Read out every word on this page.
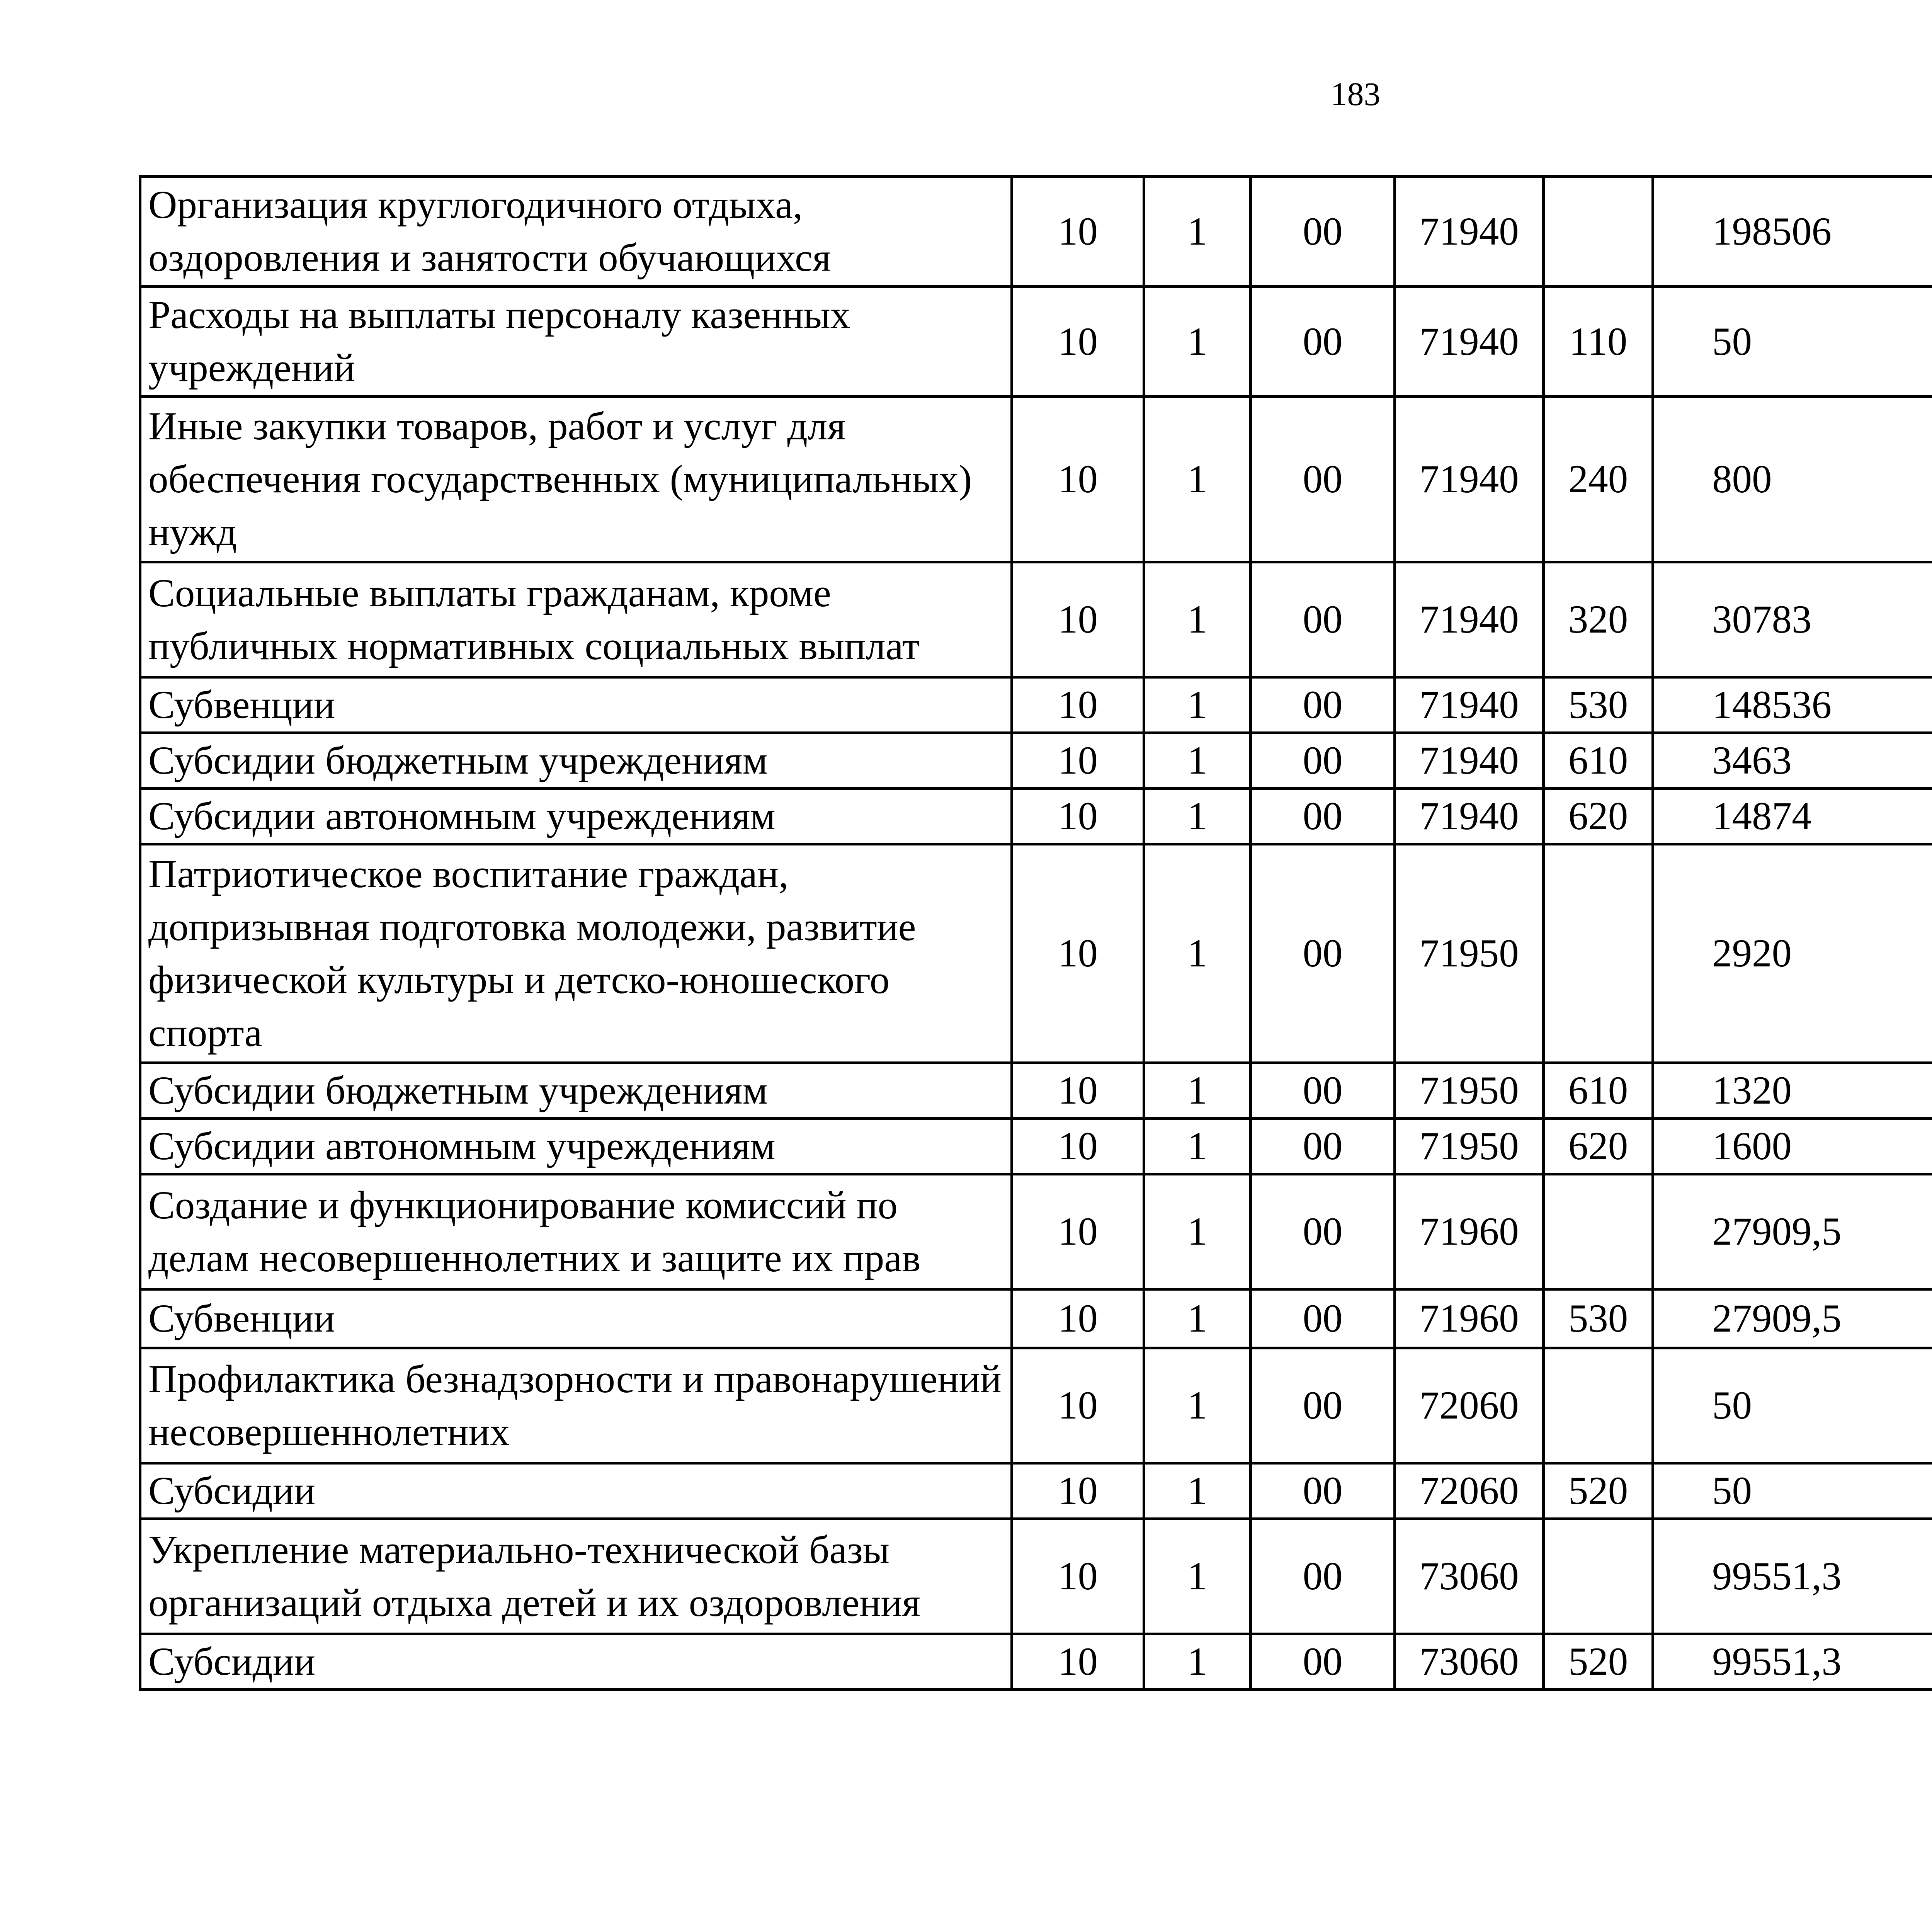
183
Организация круглогодичного отдыха, оздоровления и занятости обучающихся	10	1	00	71940		198506		
Расходы на выплаты персоналу казенных учреждений	10	1	00	71940	110	50		
Иные закупки товаров, работ и услуг для обеспечения государственных (муниципальных) нужд	10	1	00	71940	240	800		
Социальные выплаты гражданам, кроме публичных нормативных социальных выплат	10	1	00	71940	320	30783		
Субвенции	10	1	00	71940	530	148536		
Субсидии бюджетным учреждениям	10	1	00	71940	610	3463		
Субсидии автономным учреждениям	10	1	00	71940	620	14874		
Патриотическое воспитание граждан, допризывная подготовка молодежи, развитие физической культуры и детско-юношеского спорта	10	1	00	71950		2920		
Субсидии бюджетным учреждениям	10	1	00	71950	610	1320		
Субсидии автономным учреждениям	10	1	00	71950	620	1600		
Создание и функционирование комиссий по делам несовершеннолетних и защите их прав	10	1	00	71960		27909,5		
Субвенции	10	1	00	71960	530	27909,5		
Профилактика безнадзорности и правонарушений несовершеннолетних	10	1	00	72060		50		
Субсидии	10	1	00	72060	520	50		
Укрепление материально-технической базы организаций отдыха детей и их оздоровления	10	1	00	73060		99551,3		
Субсидии	10	1	00	73060	520	99551,3		
